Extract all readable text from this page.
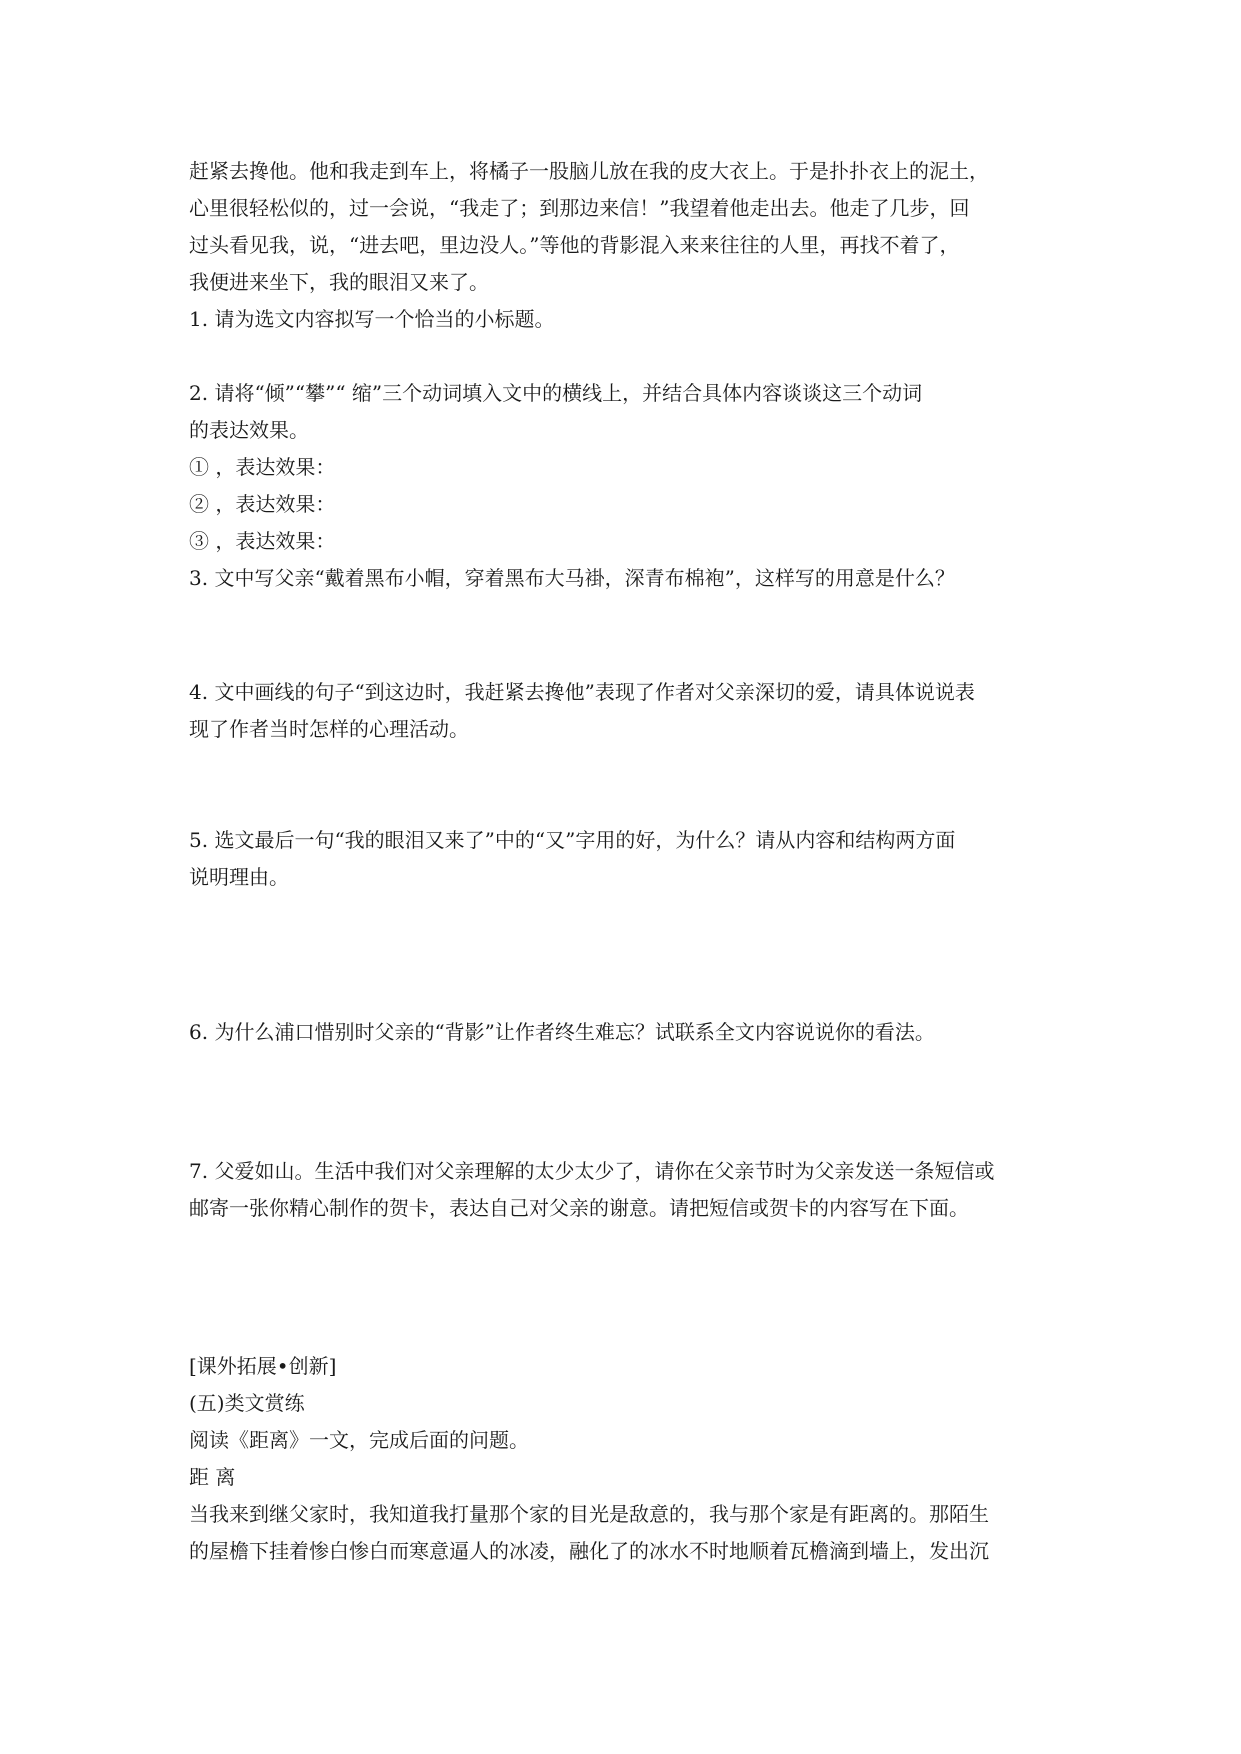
赶紧去搀他。他和我走到车上，将橘子一股脑儿放在我的皮大衣上。于是扑扑衣上的泥土，
心里很轻松似的，过一会说，“我走了；到那边来信！”我望着他走出去。他走了几步，回
过头看见我，说，“进去吧，里边没人。”等他的背影混入来来往往的人里，再找不着了，
我便进来坐下，我的眼泪又来了。
1. 请为选文内容拟写一个恰当的小标题。
2. 请将“倾”“攀”“ 缩”三个动词填入文中的横线上，并结合具体内容谈谈这三个动词
的表达效果。
① ，表达效果：
② ，表达效果：
③ ，表达效果：
3. 文中写父亲“戴着黑布小帽，穿着黑布大马褂，深青布棉袍”，这样写的用意是什么？
4. 文中画线的句子“到这边时，我赶紧去搀他”表现了作者对父亲深切的爱，请具体说说表
现了作者当时怎样的心理活动。
5. 选文最后一句“我的眼泪又来了”中的“又”字用的好，为什么？请从内容和结构两方面
说明理由。
6. 为什么浦口惜别时父亲的“背影”让作者终生难忘？试联系全文内容说说你的看法。
7. 父爱如山。生活中我们对父亲理解的太少太少了，请你在父亲节时为父亲发送一条短信或
邮寄一张你精心制作的贺卡，表达自己对父亲的谢意。请把短信或贺卡的内容写在下面。
[课外拓展•创新]
(五)类文赏练
阅读《距离》一文，完成后面的问题。
距 离
当我来到继父家时，我知道我打量那个家的目光是敌意的，我与那个家是有距离的。那陌生
的屋檐下挂着惨白惨白而寒意逼人的冰凌，融化了的冰水不时地顺着瓦檐滴到墙上，发出沉
